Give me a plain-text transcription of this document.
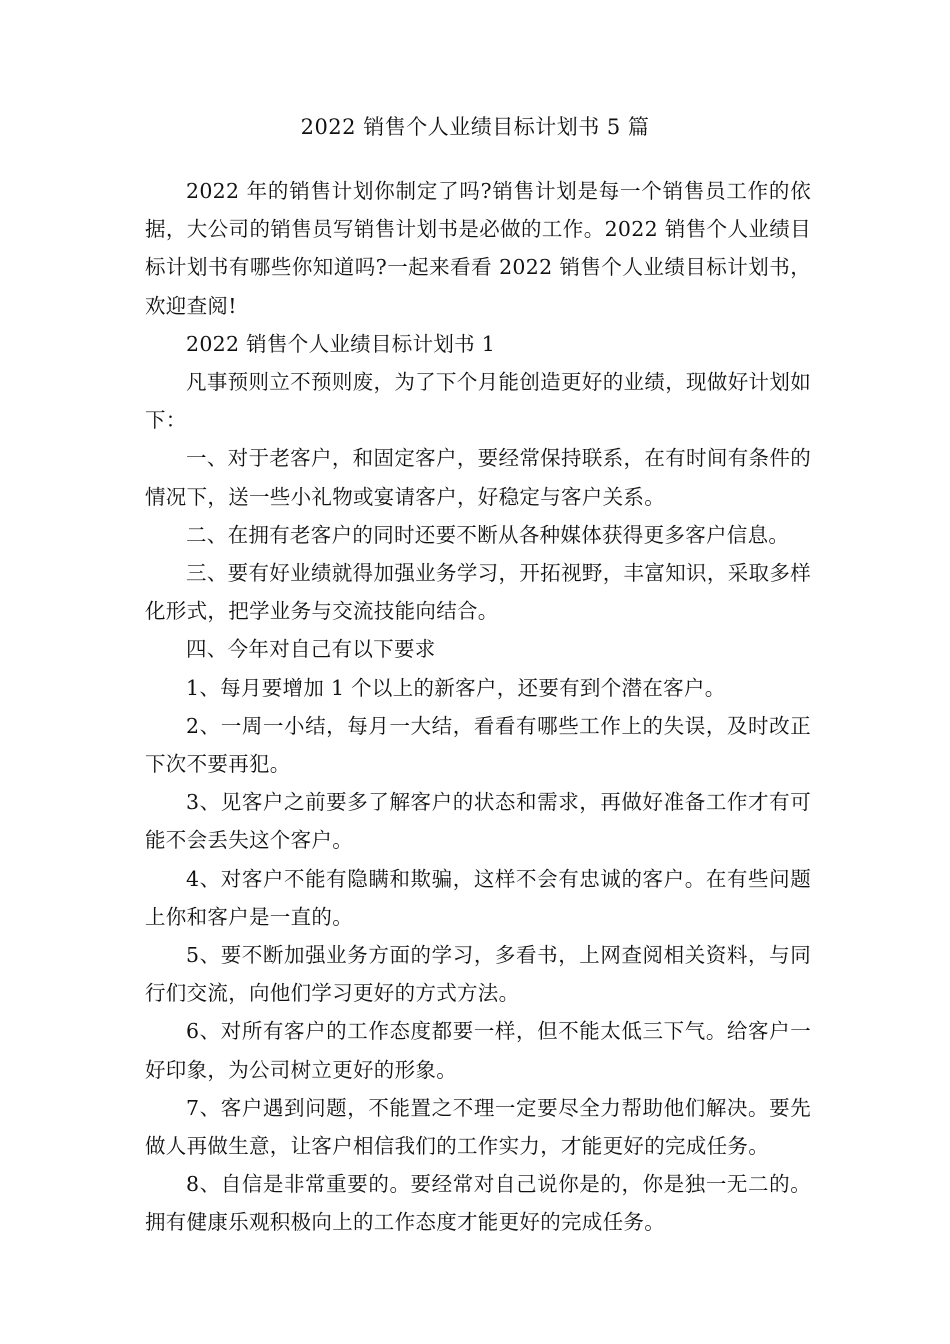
2022 销售个人业绩目标计划书 5 篇

2022 年的销售计划你制定了吗?销售计划是每一个销售员工作的依据，大公司的销售员写销售计划书是必做的工作。2022 销售个人业绩目标计划书有哪些你知道吗?一起来看看 2022 销售个人业绩目标计划书，欢迎查阅!

2022 销售个人业绩目标计划书 1

凡事预则立不预则废，为了下个月能创造更好的业绩，现做好计划如下：

一、对于老客户，和固定客户，要经常保持联系，在有时间有条件的情况下，送一些小礼物或宴请客户，好稳定与客户关系。

二、在拥有老客户的同时还要不断从各种媒体获得更多客户信息。

三、要有好业绩就得加强业务学习，开拓视野，丰富知识，采取多样化形式，把学业务与交流技能向结合。

四、今年对自己有以下要求

1、每月要增加 1 个以上的新客户，还要有到个潜在客户。

2、一周一小结，每月一大结，看看有哪些工作上的失误，及时改正下次不要再犯。

3、见客户之前要多了解客户的状态和需求，再做好准备工作才有可能不会丢失这个客户。

4、对客户不能有隐瞒和欺骗，这样不会有忠诚的客户。在有些问题上你和客户是一直的。

5、要不断加强业务方面的学习，多看书，上网查阅相关资料，与同行们交流，向他们学习更好的方式方法。

6、对所有客户的工作态度都要一样，但不能太低三下气。给客户一好印象，为公司树立更好的形象。

7、客户遇到问题，不能置之不理一定要尽全力帮助他们解决。要先做人再做生意，让客户相信我们的工作实力，才能更好的完成任务。

8、自信是非常重要的。要经常对自己说你是的，你是独一无二的。拥有健康乐观积极向上的工作态度才能更好的完成任务。
